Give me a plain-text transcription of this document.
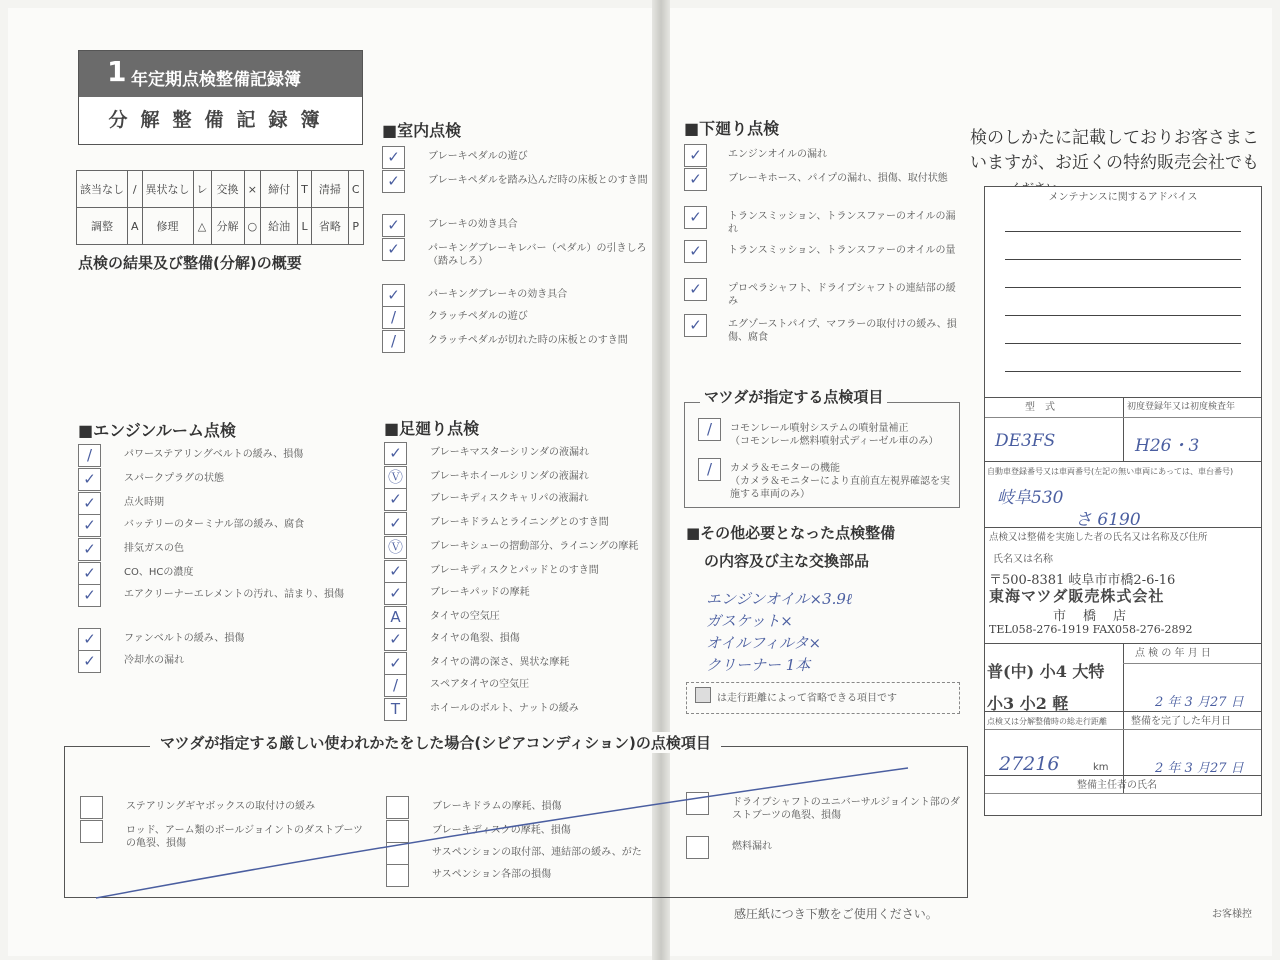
1 年定期点検整備記録簿
分解整備記録簿
該当なし	/	異状なし	レ	交換	×	締付	T	清掃	C
調整	A	修理	△	分解	○	給油	L	省略	P
点検の結果及び整備(分解)の概要
■室内点検
✓	ブレーキペダルの遊び
✓	ブレーキペダルを踏み込んだ時の床板とのすき間
✓	ブレーキの効き具合
✓	パーキングブレーキレバー（ペダル）の引きしろ（踏みしろ）
✓	パーキングブレーキの効き具合
/	クラッチペダルの遊び
/	クラッチペダルが切れた時の床板とのすき間
■下廻り点検
✓	エンジンオイルの漏れ
✓	ブレーキホース、パイプの漏れ、損傷、取付状態
✓	トランスミッション、トランスファーのオイルの漏れ
✓	トランスミッション、トランスファーのオイルの量
✓	プロペラシャフト、ドライブシャフトの連結部の緩み
✓	エグゾーストパイプ、マフラーの取付けの緩み、損傷、腐食
■エンジンルーム点検
/	パワーステアリングベルトの緩み、損傷
✓	スパークプラグの状態
✓	点火時期
✓	バッテリーのターミナル部の緩み、腐食
✓	排気ガスの色
✓	CO、HCの濃度
✓	エアクリーナーエレメントの汚れ、詰まり、損傷
✓	ファンベルトの緩み、損傷
✓	冷却水の漏れ
■足廻り点検
✓	ブレーキマスターシリンダの液漏れ
Ⓥ	ブレーキホイールシリンダの液漏れ
✓	ブレーキディスクキャリパの液漏れ
✓	ブレーキドラムとライニングとのすき間
Ⓥ	ブレーキシューの摺動部分、ライニングの摩耗
✓	ブレーキディスクとパッドとのすき間
✓	ブレーキパッドの摩耗
A	タイヤの空気圧
✓	タイヤの亀裂、損傷
✓	タイヤの溝の深さ、異状な摩耗
/	スペアタイヤの空気圧
T	ホイールのボルト、ナットの緩み
マツダが指定する点検項目
/	コモンレール噴射システムの噴射量補正
（コモンレール燃料噴射式ディーゼル車のみ）
/	カメラ＆モニターの機能
（カメラ＆モニターにより直前直左視界確認を実施する車両のみ）
■その他必要となった点検整備
の内容及び主な交換部品
エンジンオイル×3.9ℓ
ガスケット×
オイルフィルタ×
クリーナー 1本
は走行距離によって省略できる項目です
マツダが指定する厳しい使われかたをした場合(シビアコンディション)の点検項目
ステアリングギヤボックスの取付けの緩み
ロッド、アーム類のボールジョイントのダストブーツの亀裂、損傷
ブレーキドラムの摩耗、損傷
ブレーキディスクの摩耗、損傷
サスペンションの取付部、連結部の緩み、がた
サスペンション各部の損傷
ドライブシャフトのユニバーサルジョイント部のダストブーツの亀裂、損傷
燃料漏れ
感圧紙につき下敷をご使用ください。	お客様控
検のしかたに記載しておりお客さまこ
いますが、お近くの特約販売会社でも
メンテナンスに関するアドバイス
型　式	初度登録年又は初度検査年
DE3FS	H26・3
自動車登録番号又は車両番号(左記の無い車両にあっては、車台番号)
岐阜530
さ 6190
点検又は整備を実施した者の氏名又は名称及び住所
氏名又は名称
〒500-8381 岐阜市市橋2-6-16
東海マツダ販売株式会社
市　橋　店
TEL058-276-1919 FAX058-276-2892
普(中) 小4 大特
小3 小2 軽
点 検 の 年 月 日
2 年 3 月27 日
点検又は分解整備時の総走行距離 整備を完了した年月日
27216	km	2 年 3 月27 日
整備主任者の氏名
